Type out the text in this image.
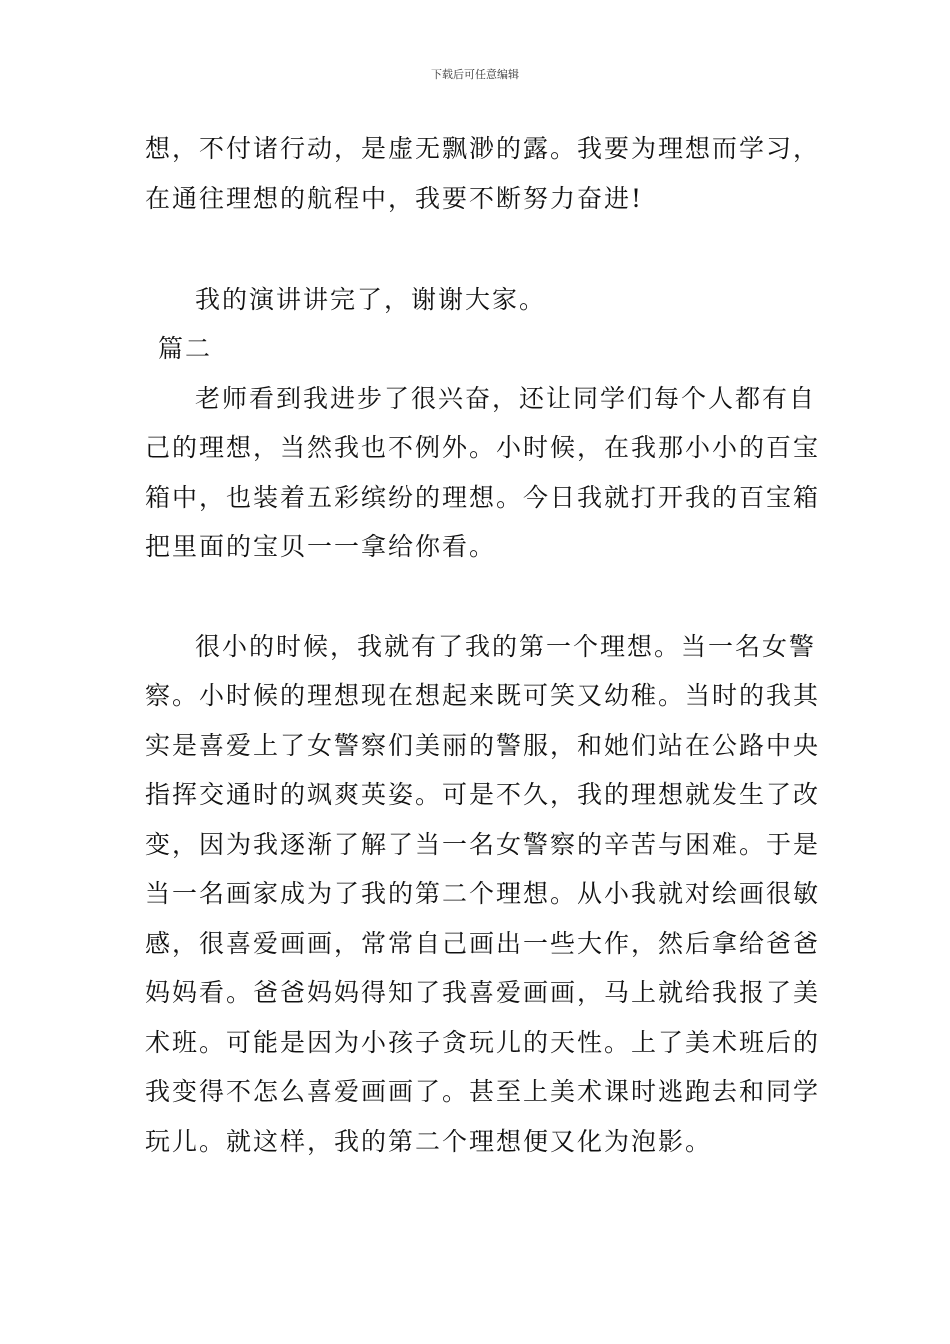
下载后可任意编辑
想，不付诸行动，是虚无飘渺的露。我要为理想而学习，
在通往理想的航程中，我要不断努力奋进!
我的演讲讲完了，谢谢大家。
篇二
老师看到我进步了很兴奋，还让同学们每个人都有自
己的理想，当然我也不例外。小时候，在我那小小的百宝
箱中，也装着五彩缤纷的理想。今日我就打开我的百宝箱
把里面的宝贝一一拿给你看。
很小的时候，我就有了我的第一个理想。当一名女警
察。小时候的理想现在想起来既可笑又幼稚。当时的我其
实是喜爱上了女警察们美丽的警服，和她们站在公路中央
指挥交通时的飒爽英姿。可是不久，我的理想就发生了改
变，因为我逐渐了解了当一名女警察的辛苦与困难。于是
当一名画家成为了我的第二个理想。从小我就对绘画很敏
感，很喜爱画画，常常自己画出一些大作，然后拿给爸爸
妈妈看。爸爸妈妈得知了我喜爱画画，马上就给我报了美
术班。可能是因为小孩子贪玩儿的天性。上了美术班后的
我变得不怎么喜爱画画了。甚至上美术课时逃跑去和同学
玩儿。就这样，我的第二个理想便又化为泡影。
